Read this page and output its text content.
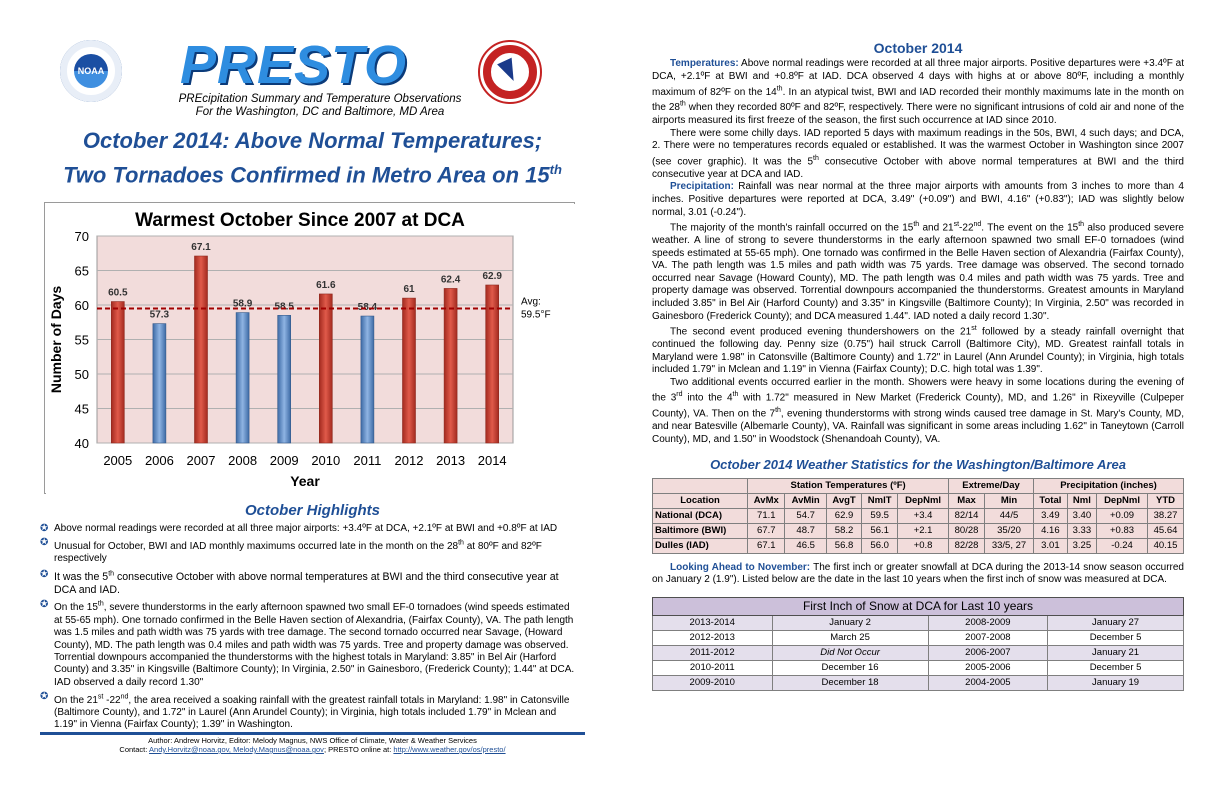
NOAA PRESTO
PREcipitation Summary and Temperature Observations
For the Washington, DC and Baltimore, MD Area
October 2014: Above Normal Temperatures;
Two Tornadoes Confirmed in Metro Area on 15th
Warmest October Since 2007 at DCA
Number of Days
Year
40
45
50
55
60
65
70
2005 2006 2007 2008 2009 2010 2011 2012 2013 2014
60.5
57.3
67.1
58.9 58.5
61.6
58.4
61
62.4 62.9
Avg:
59.5°F
October Highlights
✪ Above normal readings were recorded at all three major airports: +3.4ºF at DCA, +2.1ºF at BWI and +0.8ºF at IAD
✪ Unusual for October, BWI and IAD monthly maximums occurred late in the month on the 28th at 80ºF and 82ºF respectively
✪ It was the 5th consecutive October with above normal temperatures at BWI and the third consecutive year at DCA and IAD.
✪ On the 15th, severe thunderstorms in the early afternoon spawned two small EF-0 tornadoes (wind speeds estimated at 55-65 mph). One tornado confirmed in the Belle Haven section of Alexandria, (Fairfax County), VA. The path length was 1.5 miles and path width was 75 yards with tree damage. The second tornado occurred near Savage, (Howard County), MD. The path length was 0.4 miles and path width was 75 yards. Tree and property damage was observed. Torrential downpours accompanied the thunderstorms with the highest totals in Maryland: 3.85" in Bel Air (Harford County) and 3.35" in Kingsville (Baltimore County); In Virginia, 2.50" in Gainesboro, (Frederick County); 1.44" at DCA. IAD observed a daily record 1.30"
✪ On the 21st -22nd, the area received a soaking rainfall with the greatest rainfall totals in Maryland: 1.98" in Catonsville (Baltimore County), and 1.72" in Laurel (Ann Arundel County); in Virginia, high totals included 1.79" in Mclean and 1.19" in Vienna (Fairfax County); 1.39" in Washington.
Author: Andrew Horvitz, Editor: Melody Magnus, NWS Office of Climate, Water & Weather Services
Contact: Andy.Horvitz@noaa.gov, Melody.Magnus@noaa.gov; PRESTO online at: http://www.weather.gov/os/presto/
October 2014

Temperatures: Above normal readings were recorded at all three major airports. Positive departures were +3.4ºF at DCA, +2.1ºF at BWI and +0.8ºF at IAD. DCA observed 4 days with highs at or above 80ºF, including a monthly maximum of 82ºF on the 14th. In an atypical twist, BWI and IAD recorded their monthly maximums late in the month on the 28th when they recorded 80ºF and 82ºF, respectively. There were no significant intrusions of cold air and none of the airports measured its first freeze of the season, the first such occurrence at IAD since 2010.

There were some chilly days. IAD reported 5 days with maximum readings in the 50s, BWI, 4 such days; and DCA, 2. There were no temperatures records equaled or established. It was the warmest October in Washington since 2007 (see cover graphic). It was the 5th consecutive October with above normal temperatures at BWI and the third consecutive year at DCA and IAD.

Precipitation: Rainfall was near normal at the three major airports with amounts from 3 inches to more than 4 inches. Positive departures were reported at DCA, 3.49" (+0.09") and BWI, 4.16" (+0.83"); IAD was slightly below normal, 3.01 (-0.24").

The majority of the month's rainfall occurred on the 15th and 21st-22nd. The event on the 15th also produced severe weather. A line of strong to severe thunderstorms in the early afternoon spawned two small EF-0 tornadoes (wind speeds estimated at 55-65 mph). One tornado was confirmed in the Belle Haven section of Alexandria (Fairfax County), VA. The path length was 1.5 miles and path width was 75 yards. Tree damage was observed. The second tornado occurred near Savage (Howard County), MD. The path length was 0.4 miles and path width was 75 yards. Tree and property damage was observed. Torrential downpours accompanied the thunderstorms. Greatest amounts in Maryland included 3.85" in Bel Air (Harford County) and 3.35" in Kingsville (Baltimore County); In Virginia, 2.50" was recorded in Gainesboro (Frederick County); and DCA measured 1.44". IAD noted a daily record 1.30".

The second event produced evening thundershowers on the 21st followed by a steady rainfall overnight that continued the following day. Penny size (0.75") hail struck Carroll (Baltimore City), MD. Greatest rainfall totals in Maryland were 1.98" in Catonsville (Baltimore County) and 1.72" in Laurel (Ann Arundel County); in Virginia, high totals included 1.79" in Mclean and 1.19" in Vienna (Fairfax County); D.C. high total was 1.39".

Two additional events occurred earlier in the month. Showers were heavy in some locations during the evening of the 3rd into the 4th with 1.72" measured in New Market (Frederick County), MD, and 1.26" in Rixeyville (Culpeper County), VA. Then on the 7th, evening thunderstorms with strong winds caused tree damage in St. Mary's County, MD, and near Batesville (Albemarle County), VA. Rainfall was significant in some areas including 1.62" in Taneytown (Carroll County), MD, and 1.50" in Woodstock (Shenandoah County), VA.

October 2014 Weather Statistics for the Washington/Baltimore Area
	Station Temperatures (ºF)					Extreme/Day		Precipitation (inches)			
Location	AvMx	AvMin	AvgT	NmlT	DepNml	Max	Min	Total	Nml	DepNml	YTD
National (DCA)	71.1	54.7	62.9	59.5	+3.4	82/14	44/5	3.49	3.40	+0.09	38.27
Baltimore (BWI)	67.7	48.7	58.2	56.1	+2.1	80/28	35/20	4.16	3.33	+0.83	45.64
Dulles (IAD)	67.1	46.5	56.8	56.0	+0.8	82/28	33/5, 27	3.01	3.25	-0.24	40.15

Looking Ahead to November: The first inch or greater snowfall at DCA during the 2013-14 snow season occurred on January 2 (1.9"). Listed below are the date in the last 10 years when the first inch of snow was measured at DCA.

First Inch of Snow at DCA for Last 10 years			
2013-2014	January 2	2008-2009	January 27
2012-2013	March 25	2007-2008	December 5
2011-2012	Did Not Occur	2006-2007	January 21
2010-2011	December 16	2005-2006	December 5
2009-2010	December 18	2004-2005	January 19
